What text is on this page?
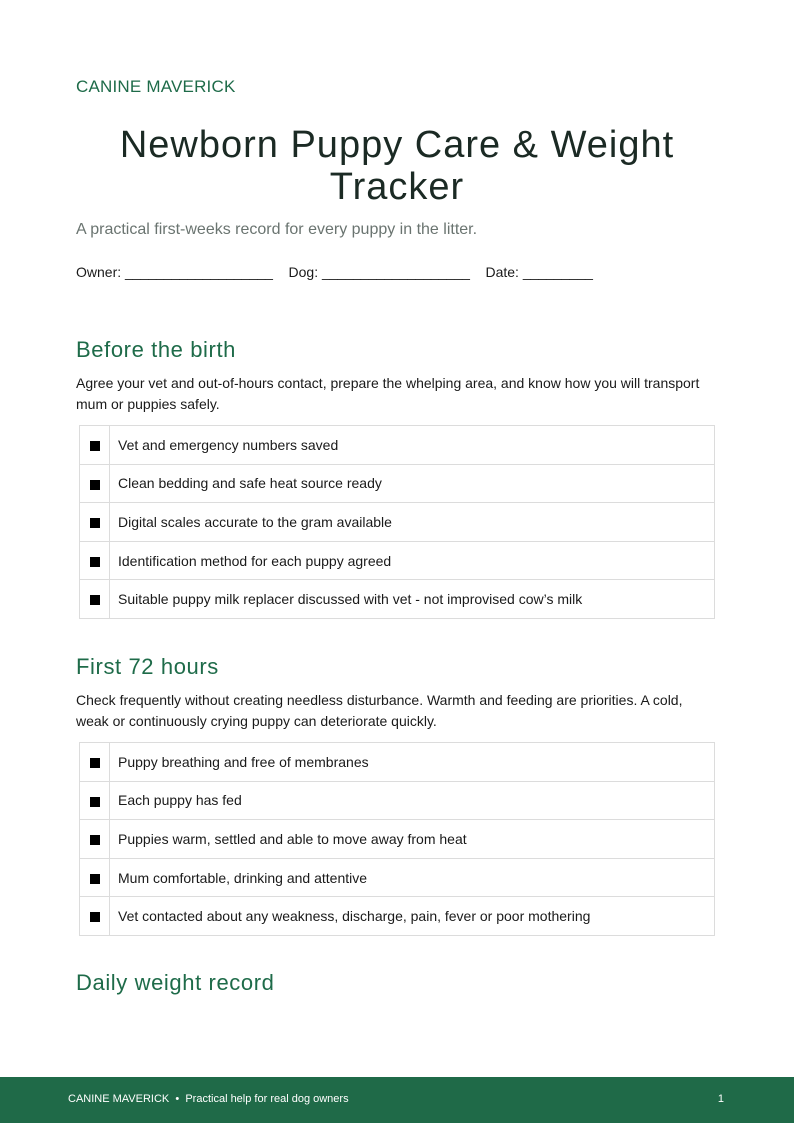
CANINE MAVERICK
Newborn Puppy Care & Weight Tracker
A practical first-weeks record for every puppy in the litter.
Owner: ___________________    Dog: ___________________    Date: _________
Before the birth
Agree your vet and out-of-hours contact, prepare the whelping area, and know how you will transport mum or puppies safely.
	Vet and emergency numbers saved
	Clean bedding and safe heat source ready
	Digital scales accurate to the gram available
	Identification method for each puppy agreed
	Suitable puppy milk replacer discussed with vet - not improvised cow’s milk
First 72 hours
Check frequently without creating needless disturbance. Warmth and feeding are priorities. A cold, weak or continuously crying puppy can deteriorate quickly.
	Puppy breathing and free of membranes
	Each puppy has fed
	Puppies warm, settled and able to move away from heat
	Mum comfortable, drinking and attentive
	Vet contacted about any weakness, discharge, pain, fever or poor mothering
Daily weight record
CANINE MAVERICK  •  Practical help for real dog owners	1
